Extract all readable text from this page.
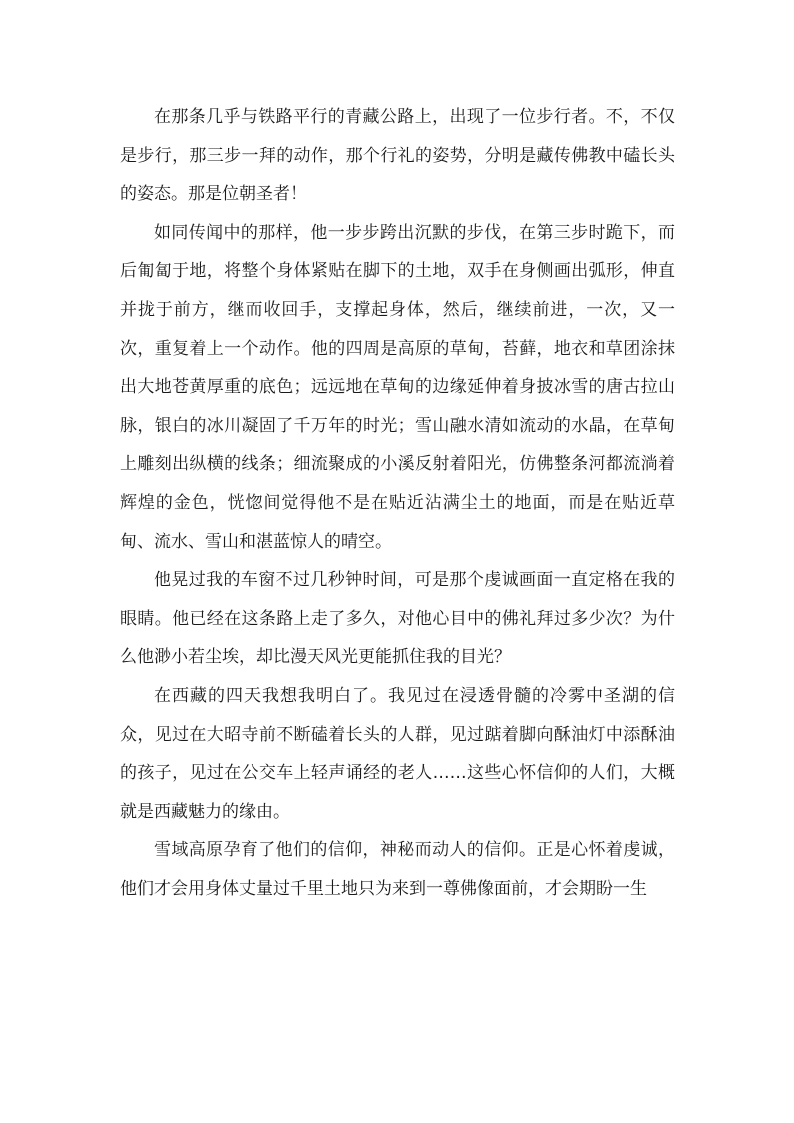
在那条几乎与铁路平行的青藏公路上，出现了一位步行者。不，不仅是步行，那三步一拜的动作，那个行礼的姿势，分明是藏传佛教中磕长头的姿态。那是位朝圣者！

如同传闻中的那样，他一步步跨出沉默的步伐，在第三步时跪下，而后匍匐于地，将整个身体紧贴在脚下的土地，双手在身侧画出弧形，伸直并拢于前方，继而收回手，支撑起身体，然后，继续前进，一次，又一次，重复着上一个动作。他的四周是高原的草甸，苔藓，地衣和草团涂抹出大地苍黄厚重的底色；远远地在草甸的边缘延伸着身披冰雪的唐古拉山脉，银白的冰川凝固了千万年的时光；雪山融水清如流动的水晶，在草甸上雕刻出纵横的线条；细流聚成的小溪反射着阳光，仿佛整条河都流淌着辉煌的金色，恍惚间觉得他不是在贴近沾满尘土的地面，而是在贴近草甸、流水、雪山和湛蓝惊人的晴空。

他晃过我的车窗不过几秒钟时间，可是那个虔诚画面一直定格在我的眼睛。他已经在这条路上走了多久，对他心目中的佛礼拜过多少次？为什么他渺小若尘埃，却比漫天风光更能抓住我的目光？

在西藏的四天我想我明白了。我见过在浸透骨髓的冷雾中圣湖的信众，见过在大昭寺前不断磕着长头的人群，见过踮着脚向酥油灯中添酥油的孩子，见过在公交车上轻声诵经的老人……这些心怀信仰的人们，大概就是西藏魅力的缘由。

雪域高原孕育了他们的信仰，神秘而动人的信仰。正是心怀着虔诚，他们才会用身体丈量过千里土地只为来到一尊佛像面前，才会期盼一生
